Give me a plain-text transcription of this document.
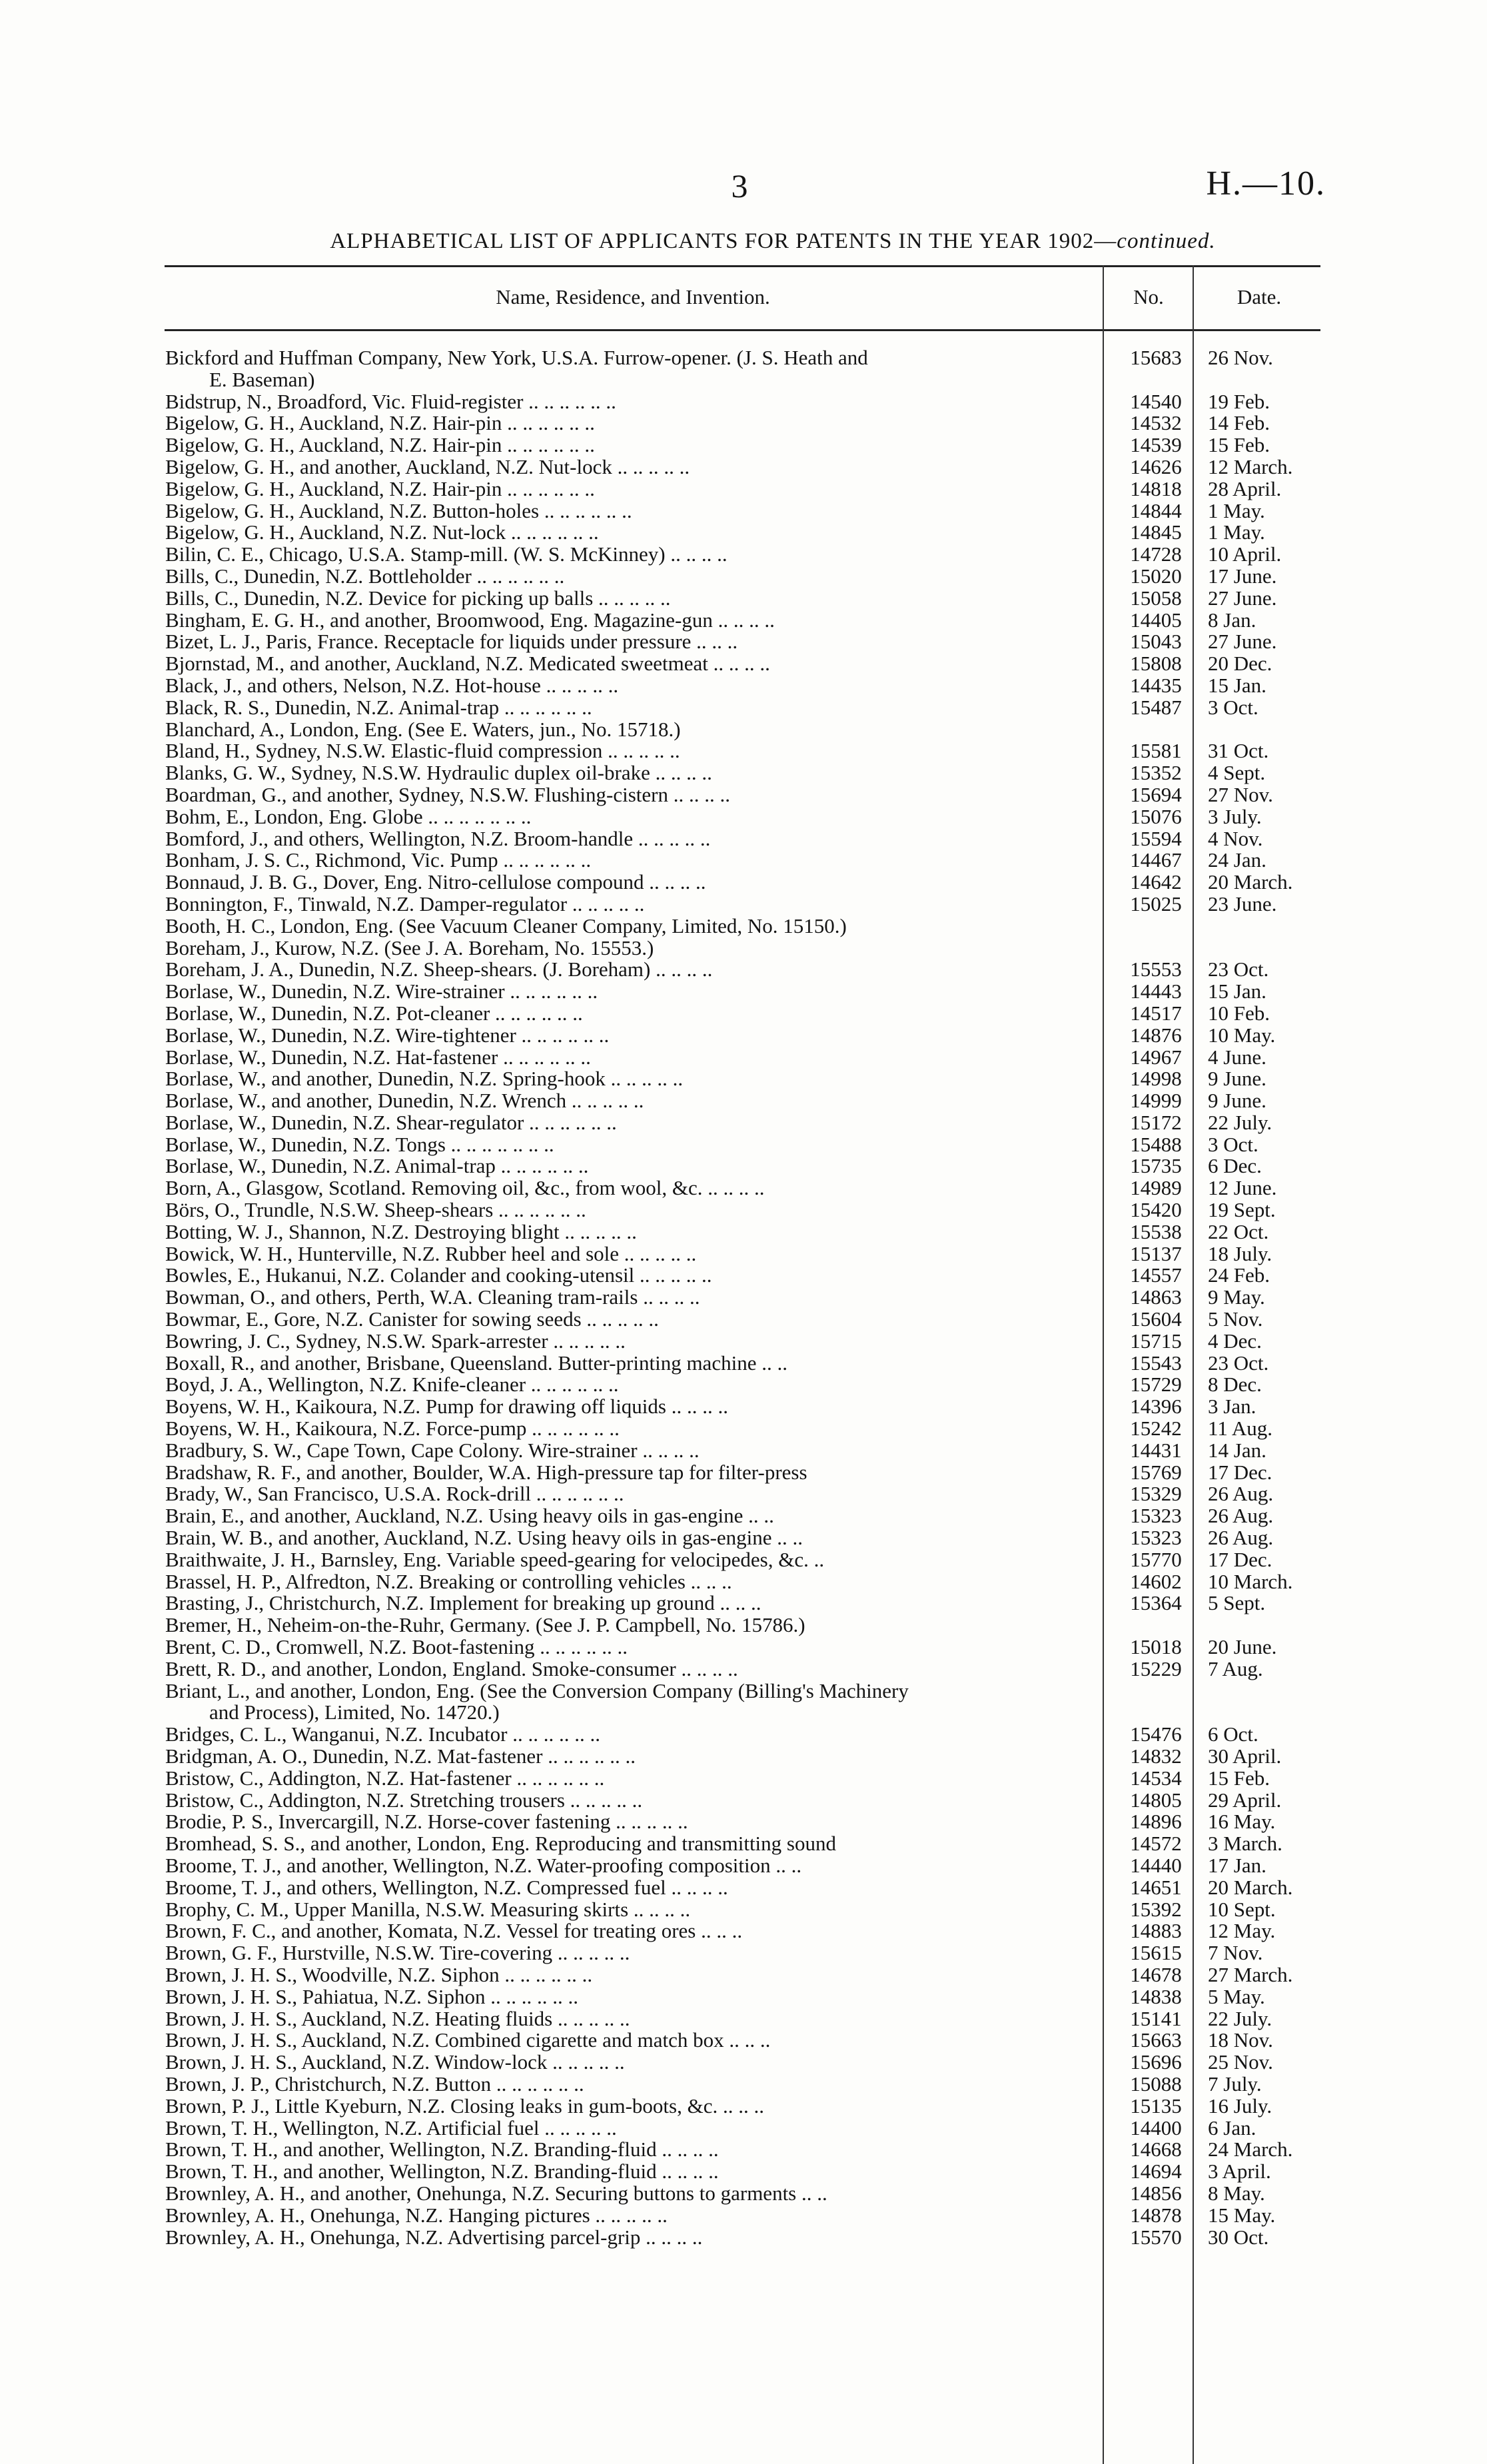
3	H.—10.
ALPHABETICAL LIST OF APPLICANTS FOR PATENTS IN THE YEAR 1902—continued.
Name, Residence, and Invention.	No.	Date.
Bickford and Huffman Company, New York, U.S.A. Furrow-opener. (J. S. Heath and
E. Baseman)
15683	26 Nov.
Bidstrup, N., Broadford, Vic. Fluid-register .. .. .. .. .. ..	14540	19 Feb.
Bigelow, G. H., Auckland, N.Z. Hair-pin .. .. .. .. .. ..	14532	14 Feb.
Bigelow, G. H., Auckland, N.Z. Hair-pin .. .. .. .. .. ..	14539	15 Feb.
Bigelow, G. H., and another, Auckland, N.Z. Nut-lock .. .. .. .. ..	14626	12 March.
Bigelow, G. H., Auckland, N.Z. Hair-pin .. .. .. .. .. ..	14818	28 April.
Bigelow, G. H., Auckland, N.Z. Button-holes .. .. .. .. .. ..	14844	1 May.
Bigelow, G. H., Auckland, N.Z. Nut-lock .. .. .. .. .. ..	14845	1 May.
Bilin, C. E., Chicago, U.S.A. Stamp-mill. (W. S. McKinney) .. .. .. ..	14728	10 April.
Bills, C., Dunedin, N.Z. Bottleholder .. .. .. .. .. ..	15020	17 June.
Bills, C., Dunedin, N.Z. Device for picking up balls .. .. .. .. ..	15058	27 June.
Bingham, E. G. H., and another, Broomwood, Eng. Magazine-gun .. .. .. ..	14405	8 Jan.
Bizet, L. J., Paris, France. Receptacle for liquids under pressure .. .. ..	15043	27 June.
Bjornstad, M., and another, Auckland, N.Z. Medicated sweetmeat .. .. .. ..	15808	20 Dec.
Black, J., and others, Nelson, N.Z. Hot-house .. .. .. .. ..	14435	15 Jan.
Black, R. S., Dunedin, N.Z. Animal-trap .. .. .. .. .. ..	15487	3 Oct.
Blanchard, A., London, Eng. (See E. Waters, jun., No. 15718.)
Bland, H., Sydney, N.S.W. Elastic-fluid compression .. .. .. .. ..	15581	31 Oct.
Blanks, G. W., Sydney, N.S.W. Hydraulic duplex oil-brake .. .. .. ..	15352	4 Sept.
Boardman, G., and another, Sydney, N.S.W. Flushing-cistern .. .. .. ..	15694	27 Nov.
Bohm, E., London, Eng. Globe .. .. .. .. .. .. ..	15076	3 July.
Bomford, J., and others, Wellington, N.Z. Broom-handle .. .. .. .. ..	15594	4 Nov.
Bonham, J. S. C., Richmond, Vic. Pump .. .. .. .. .. ..	14467	24 Jan.
Bonnaud, J. B. G., Dover, Eng. Nitro-cellulose compound .. .. .. ..	14642	20 March.
Bonnington, F., Tinwald, N.Z. Damper-regulator .. .. .. .. ..	15025	23 June.
Booth, H. C., London, Eng. (See Vacuum Cleaner Company, Limited, No. 15150.)
Boreham, J., Kurow, N.Z. (See J. A. Boreham, No. 15553.)
Boreham, J. A., Dunedin, N.Z. Sheep-shears. (J. Boreham) .. .. .. ..	15553	23 Oct.
Borlase, W., Dunedin, N.Z. Wire-strainer .. .. .. .. .. ..	14443	15 Jan.
Borlase, W., Dunedin, N.Z. Pot-cleaner .. .. .. .. .. ..	14517	10 Feb.
Borlase, W., Dunedin, N.Z. Wire-tightener .. .. .. .. .. ..	14876	10 May.
Borlase, W., Dunedin, N.Z. Hat-fastener .. .. .. .. .. ..	14967	4 June.
Borlase, W., and another, Dunedin, N.Z. Spring-hook .. .. .. .. ..	14998	9 June.
Borlase, W., and another, Dunedin, N.Z. Wrench .. .. .. .. ..	14999	9 June.
Borlase, W., Dunedin, N.Z. Shear-regulator .. .. .. .. .. ..	15172	22 July.
Borlase, W., Dunedin, N.Z. Tongs .. .. .. .. .. .. ..	15488	3 Oct.
Borlase, W., Dunedin, N.Z. Animal-trap .. .. .. .. .. ..	15735	6 Dec.
Born, A., Glasgow, Scotland. Removing oil, &c., from wool, &c. .. .. .. ..	14989	12 June.
Börs, O., Trundle, N.S.W. Sheep-shears .. .. .. .. .. ..	15420	19 Sept.
Botting, W. J., Shannon, N.Z. Destroying blight .. .. .. .. ..	15538	22 Oct.
Bowick, W. H., Hunterville, N.Z. Rubber heel and sole .. .. .. .. ..	15137	18 July.
Bowles, E., Hukanui, N.Z. Colander and cooking-utensil .. .. .. .. ..	14557	24 Feb.
Bowman, O., and others, Perth, W.A. Cleaning tram-rails .. .. .. ..	14863	9 May.
Bowmar, E., Gore, N.Z. Canister for sowing seeds .. .. .. .. ..	15604	5 Nov.
Bowring, J. C., Sydney, N.S.W. Spark-arrester .. .. .. .. ..	15715	4 Dec.
Boxall, R., and another, Brisbane, Queensland. Butter-printing machine .. ..	15543	23 Oct.
Boyd, J. A., Wellington, N.Z. Knife-cleaner .. .. .. .. .. ..	15729	8 Dec.
Boyens, W. H., Kaikoura, N.Z. Pump for drawing off liquids .. .. .. ..	14396	3 Jan.
Boyens, W. H., Kaikoura, N.Z. Force-pump .. .. .. .. .. ..	15242	11 Aug.
Bradbury, S. W., Cape Town, Cape Colony. Wire-strainer .. .. .. ..	14431	14 Jan.
Bradshaw, R. F., and another, Boulder, W.A. High-pressure tap for filter-press	15769	17 Dec.
Brady, W., San Francisco, U.S.A. Rock-drill .. .. .. .. .. ..	15329	26 Aug.
Brain, E., and another, Auckland, N.Z. Using heavy oils in gas-engine .. ..	15323	26 Aug.
Brain, W. B., and another, Auckland, N.Z. Using heavy oils in gas-engine .. ..	15323	26 Aug.
Braithwaite, J. H., Barnsley, Eng. Variable speed-gearing for velocipedes, &c. ..	15770	17 Dec.
Brassel, H. P., Alfredton, N.Z. Breaking or controlling vehicles .. .. ..	14602	10 March.
Brasting, J., Christchurch, N.Z. Implement for breaking up ground .. .. ..	15364	5 Sept.
Bremer, H., Neheim-on-the-Ruhr, Germany. (See J. P. Campbell, No. 15786.)
Brent, C. D., Cromwell, N.Z. Boot-fastening .. .. .. .. .. ..	15018	20 June.
Brett, R. D., and another, London, England. Smoke-consumer .. .. .. ..	15229	7 Aug.
Briant, L., and another, London, Eng. (See the Conversion Company (Billing's Machinery
and Process), Limited, No. 14720.)
Bridges, C. L., Wanganui, N.Z. Incubator .. .. .. .. .. ..	15476	6 Oct.
Bridgman, A. O., Dunedin, N.Z. Mat-fastener .. .. .. .. .. ..	14832	30 April.
Bristow, C., Addington, N.Z. Hat-fastener .. .. .. .. .. ..	14534	15 Feb.
Bristow, C., Addington, N.Z. Stretching trousers .. .. .. .. ..	14805	29 April.
Brodie, P. S., Invercargill, N.Z. Horse-cover fastening .. .. .. .. ..	14896	16 May.
Bromhead, S. S., and another, London, Eng. Reproducing and transmitting sound	14572	3 March.
Broome, T. J., and another, Wellington, N.Z. Water-proofing composition .. ..	14440	17 Jan.
Broome, T. J., and others, Wellington, N.Z. Compressed fuel .. .. .. ..	14651	20 March.
Brophy, C. M., Upper Manilla, N.S.W. Measuring skirts .. .. .. ..	15392	10 Sept.
Brown, F. C., and another, Komata, N.Z. Vessel for treating ores .. .. ..	14883	12 May.
Brown, G. F., Hurstville, N.S.W. Tire-covering .. .. .. .. ..	15615	7 Nov.
Brown, J. H. S., Woodville, N.Z. Siphon .. .. .. .. .. ..	14678	27 March.
Brown, J. H. S., Pahiatua, N.Z. Siphon .. .. .. .. .. ..	14838	5 May.
Brown, J. H. S., Auckland, N.Z. Heating fluids .. .. .. .. ..	15141	22 July.
Brown, J. H. S., Auckland, N.Z. Combined cigarette and match box .. .. ..	15663	18 Nov.
Brown, J. H. S., Auckland, N.Z. Window-lock .. .. .. .. ..	15696	25 Nov.
Brown, J. P., Christchurch, N.Z. Button .. .. .. .. .. ..	15088	7 July.
Brown, P. J., Little Kyeburn, N.Z. Closing leaks in gum-boots, &c. .. .. ..	15135	16 July.
Brown, T. H., Wellington, N.Z. Artificial fuel .. .. .. .. ..	14400	6 Jan.
Brown, T. H., and another, Wellington, N.Z. Branding-fluid .. .. .. ..	14668	24 March.
Brown, T. H., and another, Wellington, N.Z. Branding-fluid .. .. .. ..	14694	3 April.
Brownley, A. H., and another, Onehunga, N.Z. Securing buttons to garments .. ..	14856	8 May.
Brownley, A. H., Onehunga, N.Z. Hanging pictures .. .. .. .. ..	14878	15 May.
Brownley, A. H., Onehunga, N.Z. Advertising parcel-grip .. .. .. ..	15570	30 Oct.
